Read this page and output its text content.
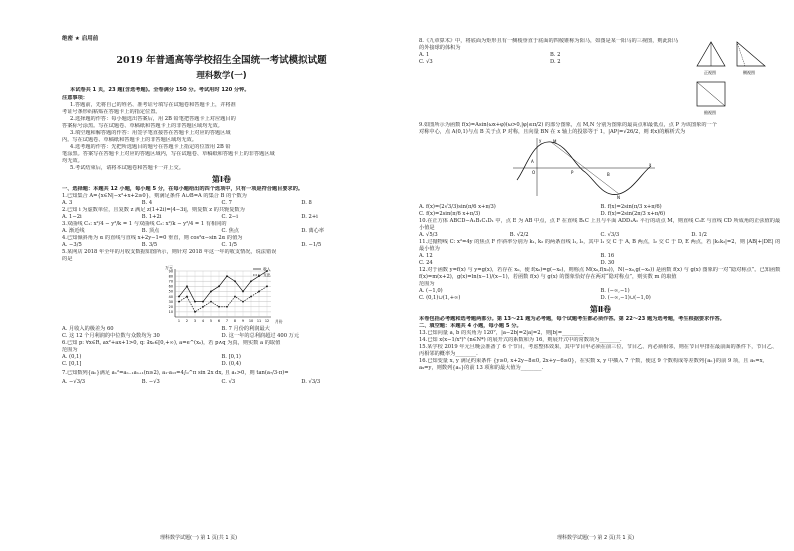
绝密 ★ 启用前
2019 年普通高等学校招生全国统一考试模拟试题
理科数学(一)
本试卷共 1 页，23 题(含选考题)。全卷满分 150 分。考试用时 120 分钟。
注意事项：
1.答题前，先将自己的姓名、准考证号填写在试题卷和答题卡上，并将准
考证号条形码粘贴在答题卡上的指定位置。
2.选择题的作答：每小题选出答案后，用 2B 铅笔把答题卡上对应题目的
答案标号涂黑。写在试题卷、草稿纸和答题卡上的非答题区域均无效。
3.填空题和解答题的作答：用签字笔直接答在答题卡上对应的答题区域
内。写在试题卷、草稿纸和答题卡上的非答题区域均无效。
4.选考题的作答：先把所选题目的题号在答题卡上指定的位置用 2B 铅
笔涂黑。答案写在答题卡上对应的答题区域内，写在试题卷、草稿纸和答题卡上的非答题区域
均无效。
5.考试结束后，请将本试题卷和答题卡一并上交。
第Ⅰ卷
一、选择题：本题共 12 小题，每小题 5 分，在每小题给出的四个选项中，只有一项是符合题目要求的。
1.已知集合 A={x∈N|−x²+x+2≥0}，则满足条件 A∪B=A 的集合 B 的个数为
A. 3	B. 4	C. 7	D. 8
2.已知 i 为虚数单位，且复数 z 满足 z(1+2i)=|4−3i|，则复数 z 的共轭复数为
A. 1−2i	B. 1+2i	C. 2−i	D. 2+i
3.双曲线 C₁: x²/4 − y²/k = 1 与双曲线 C₂: x²/k − y²/4 = 1 有相同的
A. 渐近线	B. 顶点	C. 焦点	D. 离心率
4.已知倾斜角为 α 的直线与直线 x+2y−1=0 垂直，则 cos²α−sin 2α 的值为
A. −3/5	B. 3/5	C. 1/5	D. −1/5
5.某网店 2018 年全年的月收支数据如图所示，则针对 2018 年这一年的收支情况，说法错误
的是
万元
10
20
30
40
50
60
70
80
90
1 2 3 4 5 6 7 8 9 10 11 12 月份
收入
支出
A. 月收入的极差为 60	B. 7 月份的利润最大
C. 这 12 个月利润的中位数与众数均为 30	D. 这一年的总利润超过 400 万元
6.已知 p: ∀x∈R, ax²+ax+1>0, q: ∃x₀∈[0,+∞), a=e^(x₀)，若 p∧q 为真，则实数 a 的取值
范围为
A. (0,1)	B. [0,1)
C. [0,1]	D. (0,4)
7.已知数列{aₙ}满足 aₙ²=aₙ₋₁aₙ₊₁(n≥2), a₁·a₁₃=4∫₀^π sin 2x dx, 且 a₁>0，则 tan(a₇/3·π)=
A. −√3/3	B. −√3	C. √3	D. √3/3
理科数学试题(一) 第 1 页(共 1 页)
8.《九章算术》中，将底面为矩形且有一侧棱垂直于底面的四棱锥称为阳马，如图是某一阳马的三视图，则此阳马的外接球的体积为
A. 1	B. 2
C. √3	D. 2
正视图	侧视图
俯视图
9.如图所示为函数 f(x)=Asin(ωx+φ)(ω>0,|φ|≤π/2) 的部分图象，点 M,N 分别为图象的最高点和最低点，点 P 为该图象的一个对称中心，点 A(0,1)与点 B 关于点 P 对称，且向量 BN 在 x 轴上的投影等于 1，|AP|=√26/2，则 f(x)的解析式为
x
y	M
N
A
B
P
O
A. f(x)=(2√3/3)sin(π/6 x+π/3)	B. f(x)=2sin(π/3 x+π/6)
C. f(x)=2sin(π/6 x+π/3)	D. f(x)=2sin(2π/3 x+π/6)
10.在正方体 ABCD−A₁B₁C₁D₁ 中，点 E 为 AB 中点，点 F 在直线 B₁C 上且与平面 ADD₁A₁ 平行的动点 M，则直线 C₁E 与直线 CD 所成角的正弦值的最小值是
A. √5/3	B. √2/2	C. √3/3	D. 1/2
11.过抛物线 C: x²=4y 的焦点 F 作斜率分别为 k₁, k₂ 的两条直线 l₁, l₂，其中 l₁ 交 C 于 A, B 两点，l₂ 交 C 于 D, E 两点，若 |k₁k₂|=2，则 |AB|+|DE| 的最小值为
A. 12	B. 16
C. 24	D. 30
12.对于函数 y=f(x) 与 y=g(x)，若存在 x₀，使 f(x₀)=g(−x₀)，则称点 M(x₀,f(x₀))，N(−x₀,g(−x₀)) 是函数 f(x) 与 g(x) 图象的一对“隐对称点”。已知函数 f(x)=m(x+2)，g(x)=ln(x−1)/(x−1)，若函数 f(x) 与 g(x) 的图象恰好存在两对“隐对称点”，则实数 m 的取值
范围为
A. (−1,0)	B. (−∞,−1)
C. (0,1)∪(1,+∞)	D. (−∞,−1)∪(−1,0)
第Ⅱ卷
本卷包括必考题和选考题两部分。第 13～21 题为必考题，每个试题考生都必须作答。第 22～23 题为选考题，考生根据要求作答。
二、填空题：本题共 4 小题，每小题 5 分。
13.已知向量 a, b 的夹角为 120°，|a−2b|=2|a|=2，则|b|=________.
14.已知 x(x−1/x²)⁵ (n∈N*) 的展开式的系数和为 16，则展开式中的常数项为________.
15.某学校 2019 年元旦晚会准备了 6 个节目，考虑整体效果，其中节目甲必须在前三位，节目乙、丙必须相邻，则在节目甲排在最前面的条件下，节目乙、丙相邻的概率为________.
16.已知变量 x, y 满足约束条件 {y≥0, x+2y−8≤0, 2x+y−6≥0}，在实数 x, y 中插入 7 个数，使这 9 个数构成等差数列{aₙ}的前 9 项，且 a₅=x, a₉=y，则数列{aₙ}的前 13 项和的最大值为________.
理科数学试题(一) 第 2 页(共 1 页)
